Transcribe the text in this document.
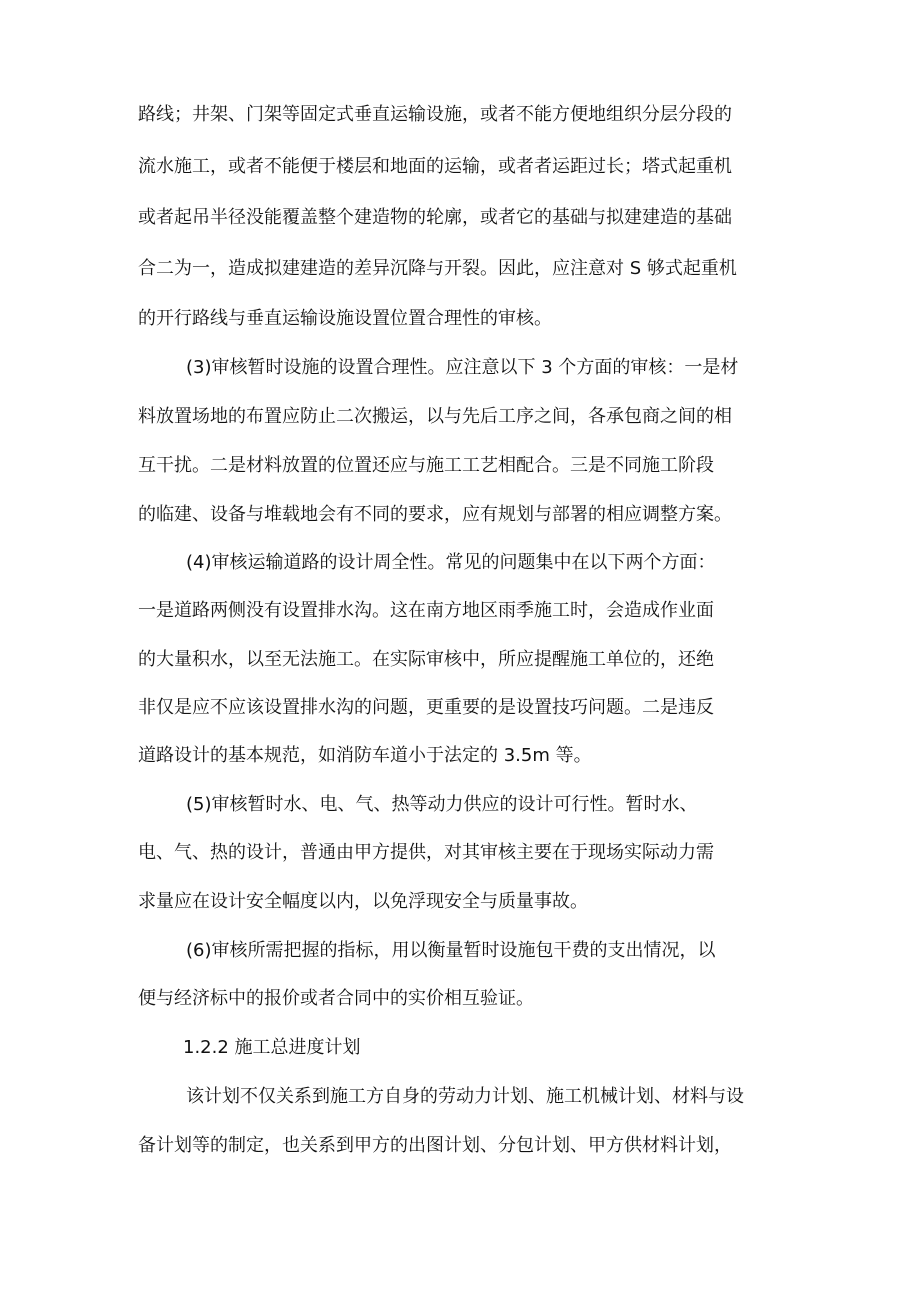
路线；井架、门架等固定式垂直运输设施，或者不能方便地组织分层分段的
流水施工，或者不能便于楼层和地面的运输，或者者运距过长；塔式起重机
或者起吊半径没能覆盖整个建造物的轮廓，或者它的基础与拟建建造的基础
合二为一，造成拟建建造的差异沉降与开裂。因此，应注意对 S 够式起重机
的开行路线与垂直运输设施设置位置合理性的审核。
(3)审核暂时设施的设置合理性。应注意以下 3 个方面的审核：一是材
料放置场地的布置应防止二次搬运，以与先后工序之间，各承包商之间的相
互干扰。二是材料放置的位置还应与施工工艺相配合。三是不同施工阶段
的临建、设备与堆载地会有不同的要求，应有规划与部署的相应调整方案。
(4)审核运输道路的设计周全性。常见的问题集中在以下两个方面：
一是道路两侧没有设置排水沟。这在南方地区雨季施工时，会造成作业面
的大量积水，以至无法施工。在实际审核中，所应提醒施工单位的，还绝
非仅是应不应该设置排水沟的问题，更重要的是设置技巧问题。二是违反
道路设计的基本规范，如消防车道小于法定的 3.5m 等。
(5)审核暂时水、电、气、热等动力供应的设计可行性。暂时水、
电、气、热的设计，普通由甲方提供，对其审核主要在于现场实际动力需
求量应在设计安全幅度以内，以免浮现安全与质量事故。
(6)审核所需把握的指标，用以衡量暂时设施包干费的支出情况，以
便与经济标中的报价或者合同中的实价相互验证。
1.2.2 施工总进度计划
该计划不仅关系到施工方自身的劳动力计划、施工机械计划、材料与设
备计划等的制定，也关系到甲方的出图计划、分包计划、甲方供材料计划，
